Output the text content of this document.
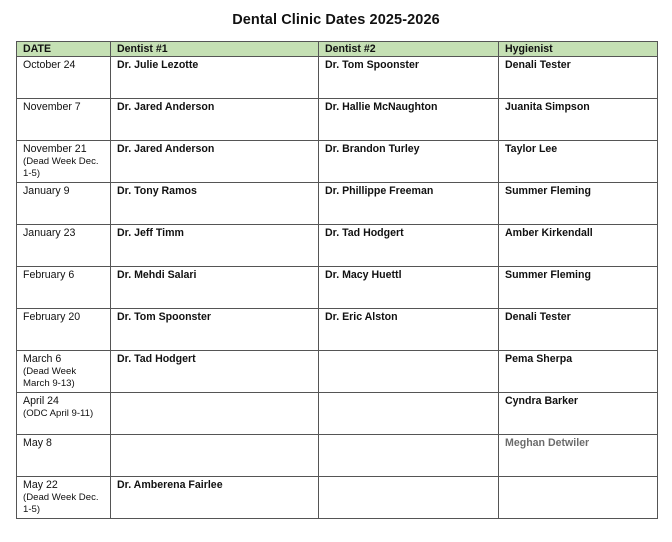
Dental Clinic Dates 2025-2026
DATE	Dentist #1	Dentist #2	Hygienist

October 24	Dr. Julie Lezotte	Dr. Tom Spoonster	Denali Tester

November 7	Dr. Jared Anderson	Dr. Hallie McNaughton	Juanita Simpson

November 21
(Dead Week Dec. 1-5)	Dr. Jared Anderson	Dr. Brandon Turley	Taylor Lee

January 9	Dr. Tony Ramos	Dr. Phillippe Freeman	Summer Fleming

January 23	Dr. Jeff Timm	Dr. Tad Hodgert	Amber Kirkendall

February 6	Dr. Mehdi Salari	Dr. Macy Huettl	Summer Fleming

February 20	Dr. Tom Spoonster	Dr. Eric Alston	Denali Tester

March 6
(Dead Week March 9-13)	Dr. Tad Hodgert		Pema Sherpa

April 24
(ODC April 9-11)			Cyndra Barker

May 8			Meghan Detwiler

May 22
(Dead Week Dec. 1-5)	Dr. Amberena Fairlee		
